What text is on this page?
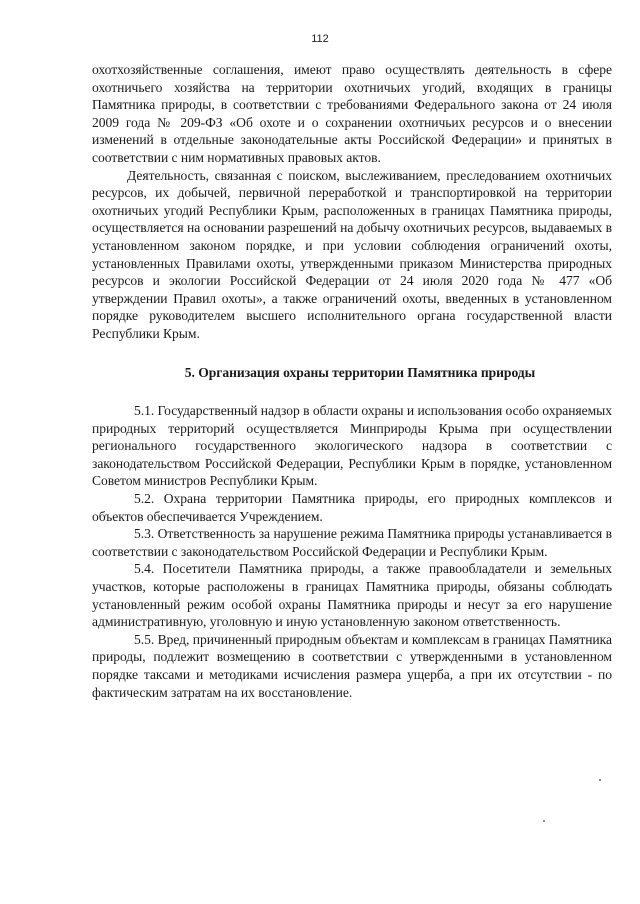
112

охотхозяйственные соглашения, имеют право осуществлять деятельность в сфере охотничьего хозяйства на территории охотничьих угодий, входящих в границы Памятника природы, в соответствии с требованиями Федерального закона от 24 июля 2009 года № 209-ФЗ «Об охоте и о сохранении охотничьих ресурсов и о внесении изменений в отдельные законодательные акты Российской Федерации» и принятых в соответствии с ним нормативных правовых актов.

Деятельность, связанная с поиском, выслеживанием, преследованием охотничьих ресурсов, их добычей, первичной переработкой и транспортировкой на территории охотничьих угодий Республики Крым, расположенных в границах Памятника природы, осуществляется на основании разрешений на добычу охотничьих ресурсов, выдаваемых в установленном законом порядке, и при условии соблюдения ограничений охоты, установленных Правилами охоты, утвержденными приказом Министерства природных ресурсов и экологии Российской Федерации от 24 июля 2020 года № 477 «Об утверждении Правил охоты», а также ограничений охоты, введенных в установленном порядке руководителем высшего исполнительного органа государственной власти Республики Крым.

5. Организация охраны территории Памятника природы

5.1. Государственный надзор в области охраны и использования особо охраняемых природных территорий осуществляется Минприроды Крыма при осуществлении регионального государственного экологического надзора в соответствии с законодательством Российской Федерации, Республики Крым в порядке, установленном Советом министров Республики Крым.

5.2. Охрана территории Памятника природы, его природных комплексов и объектов обеспечивается Учреждением.

5.3. Ответственность за нарушение режима Памятника природы устанавливается в соответствии с законодательством Российской Федерации и Республики Крым.

5.4. Посетители Памятника природы, а также правообладатели и земельных участков, которые расположены в границах Памятника природы, обязаны соблюдать установленный режим особой охраны Памятника природы и несут за его нарушение административную, уголовную и иную установленную законом ответственность.

5.5. Вред, причиненный природным объектам и комплексам в границах Памятника природы, подлежит возмещению в соответствии с утвержденными в установленном порядке таксами и методиками исчисления размера ущерба, а при их отсутствии - по фактическим затратам на их восстановление.
